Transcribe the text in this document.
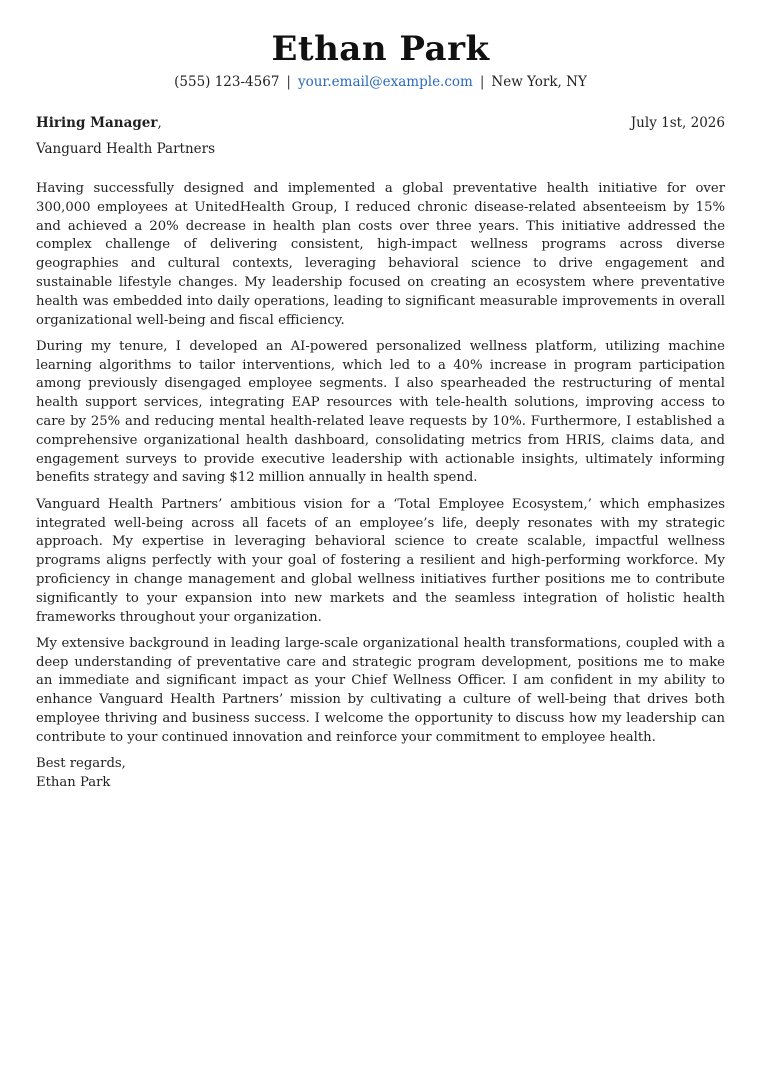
Ethan Park
(555) 123-4567 | your.email@example.com | New York, NY
Hiring Manager,	July 1st, 2026
Vanguard Health Partners

Having successfully designed and implemented a global preventative health initiative for over 300,000 employees at UnitedHealth Group, I reduced chronic disease-related absenteeism by 15% and achieved a 20% decrease in health plan costs over three years. This initiative addressed the complex challenge of delivering consistent, high-impact wellness programs across diverse geographies and cultural contexts, leveraging behavioral science to drive engagement and sustainable lifestyle changes. My leadership focused on creating an ecosystem where preventative health was embedded into daily operations, leading to significant measurable improvements in overall organizational well-being and fiscal efficiency.

During my tenure, I developed an AI-powered personalized wellness platform, utilizing machine learning algorithms to tailor interventions, which led to a 40% increase in program participation among previously disengaged employee segments. I also spearheaded the restructuring of mental health support services, integrating EAP resources with tele-health solutions, improving access to care by 25% and reducing mental health-related leave requests by 10%. Furthermore, I established a comprehensive organizational health dashboard, consolidating metrics from HRIS, claims data, and engagement surveys to provide executive leadership with actionable insights, ultimately informing benefits strategy and saving $12 million annually in health spend.

Vanguard Health Partners’ ambitious vision for a ‘Total Employee Ecosystem,’ which emphasizes integrated well-being across all facets of an employee’s life, deeply resonates with my strategic approach. My expertise in leveraging behavioral science to create scalable, impactful wellness programs aligns perfectly with your goal of fostering a resilient and high-performing workforce. My proficiency in change management and global wellness initiatives further positions me to contribute significantly to your expansion into new markets and the seamless integration of holistic health frameworks throughout your organization.

My extensive background in leading large-scale organizational health transformations, coupled with a deep understanding of preventative care and strategic program development, positions me to make an immediate and significant impact as your Chief Wellness Officer. I am confident in my ability to enhance Vanguard Health Partners’ mission by cultivating a culture of well-being that drives both employee thriving and business success. I welcome the opportunity to discuss how my leadership can contribute to your continued innovation and reinforce your commitment to employee health.

Best regards,
Ethan Park
